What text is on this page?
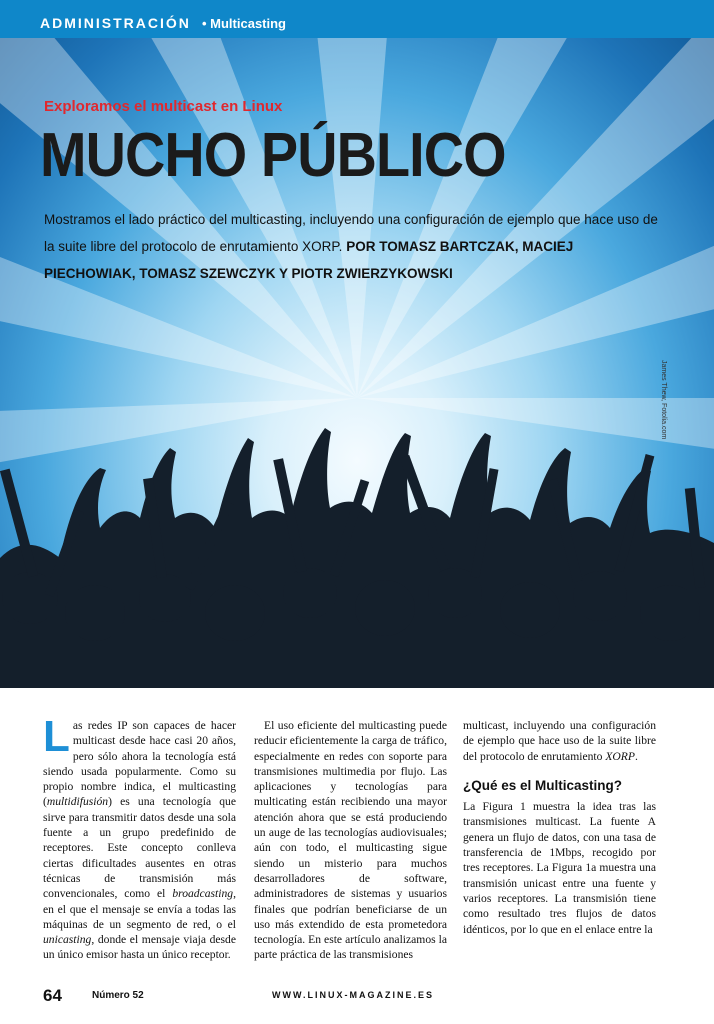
ADMINISTRACIÓN • Multicasting
Exploramos el multicast en Linux
MUCHO PÚBLICO
Mostramos el lado práctico del multicasting, incluyendo una configuración de ejemplo que hace uso de la suite libre del protocolo de enrutamiento XORP. POR TOMASZ BARTCZAK, MACIEJ PIECHOWIAK, TOMASZ SZEWCZYK Y PIOTR ZWIERZYKOWSKI
James Thew, Fotolia.com

Las redes IP son capaces de hacer multicast desde hace casi 20 años, pero sólo ahora la tecnología está siendo usada popularmente. Como su propio nombre indica, el multicasting (multidifusión) es una tecnología que sirve para transmitir datos desde una sola fuente a un grupo predefinido de receptores. Este concepto conlleva ciertas dificultades ausentes en otras técnicas de transmisión más convencionales, como el broadcasting, en el que el mensaje se envía a todas las máquinas de un segmento de red, o el unicasting, donde el mensaje viaja desde un único emisor hasta un único receptor.

El uso eficiente del multicasting puede reducir eficientemente la carga de tráfico, especialmente en redes con soporte para transmisiones multimedia por flujo. Las aplicaciones y tecnologías para multicating están recibiendo una mayor atención ahora que se está produciendo un auge de las tecnologías audiovisuales; aún con todo, el multicasting sigue siendo un misterio para muchos desarrolladores de software, administradores de sistemas y usuarios finales que podrían beneficiarse de un uso más extendido de esta prometedora tecnología. En este artículo analizamos la parte práctica de las transmisiones

multicast, incluyendo una configuración de ejemplo que hace uso de la suite libre del protocolo de enrutamiento XORP.

¿Qué es el Multicasting?

La Figura 1 muestra la idea tras las transmisiones multicast. La fuente A genera un flujo de datos, con una tasa de transferencia de 1Mbps, recogido por tres receptores. La Figura 1a muestra una transmisión unicast entre una fuente y varios receptores. La transmisión tiene como resultado tres flujos de datos idénticos, por lo que en el enlace entre la

64	Número 52	WWW.LINUX-MAGAZINE.ES
